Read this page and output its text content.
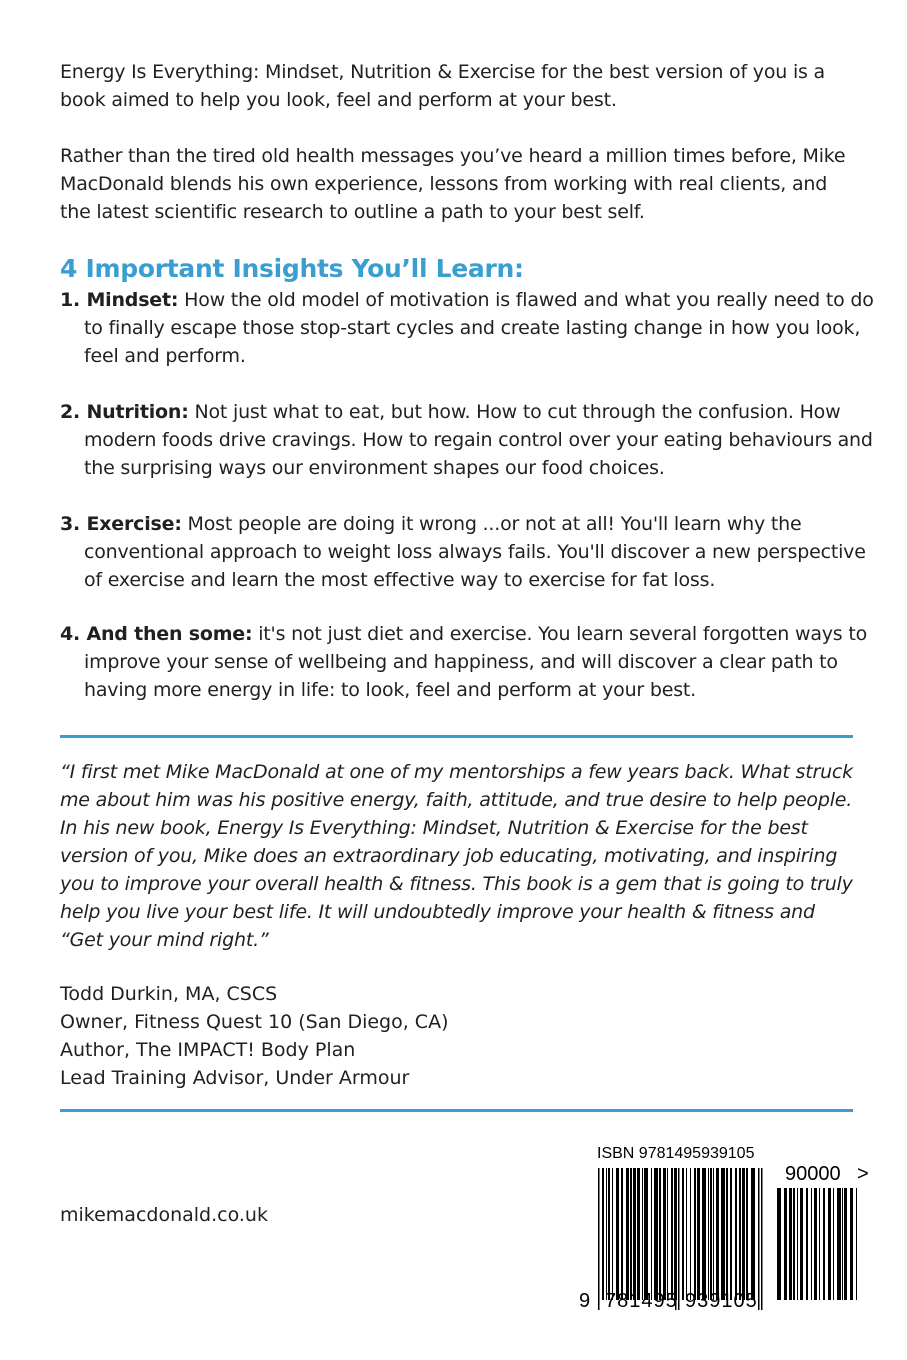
Energy Is Everything: Mindset, Nutrition & Exercise for the best version of you is a book aimed to help you look, feel and perform at your best.
Rather than the tired old health messages you’ve heard a million times before, Mike MacDonald blends his own experience, lessons from working with real clients, and the latest scientific research to outline a path to your best self.
4 Important Insights You’ll Learn:
1. Mindset: How the old model of motivation is flawed and what you really need to do to finally escape those stop-start cycles and create lasting change in how you look, feel and perform.
2. Nutrition: Not just what to eat, but how. How to cut through the confusion. How modern foods drive cravings. How to regain control over your eating behaviours and the surprising ways our environment shapes our food choices.
3. Exercise: Most people are doing it wrong ...or not at all! You'll learn why the conventional approach to weight loss always fails. You'll discover a new perspective of exercise and learn the most effective way to exercise for fat loss.
4. And then some: it's not just diet and exercise. You learn several forgotten ways to improve your sense of wellbeing and happiness, and will discover a clear path to having more energy in life: to look, feel and perform at your best.
“I first met Mike MacDonald at one of my mentorships a few years back. What struck me about him was his positive energy, faith, attitude, and true desire to help people. In his new book, Energy Is Everything: Mindset, Nutrition & Exercise for the best version of you, Mike does an extraordinary job educating, motivating, and inspiring you to improve your overall health & fitness. This book is a gem that is going to truly help you live your best life. It will undoubtedly improve your health & fitness and “Get your mind right.”
Todd Durkin, MA, CSCS
Owner, Fitness Quest 10 (San Diego, CA)
Author, The IMPACT! Body Plan
Lead Training Advisor, Under Armour
mikemacdonald.co.uk
ISBN 9781495939105
90000 >
9 781495 939105
